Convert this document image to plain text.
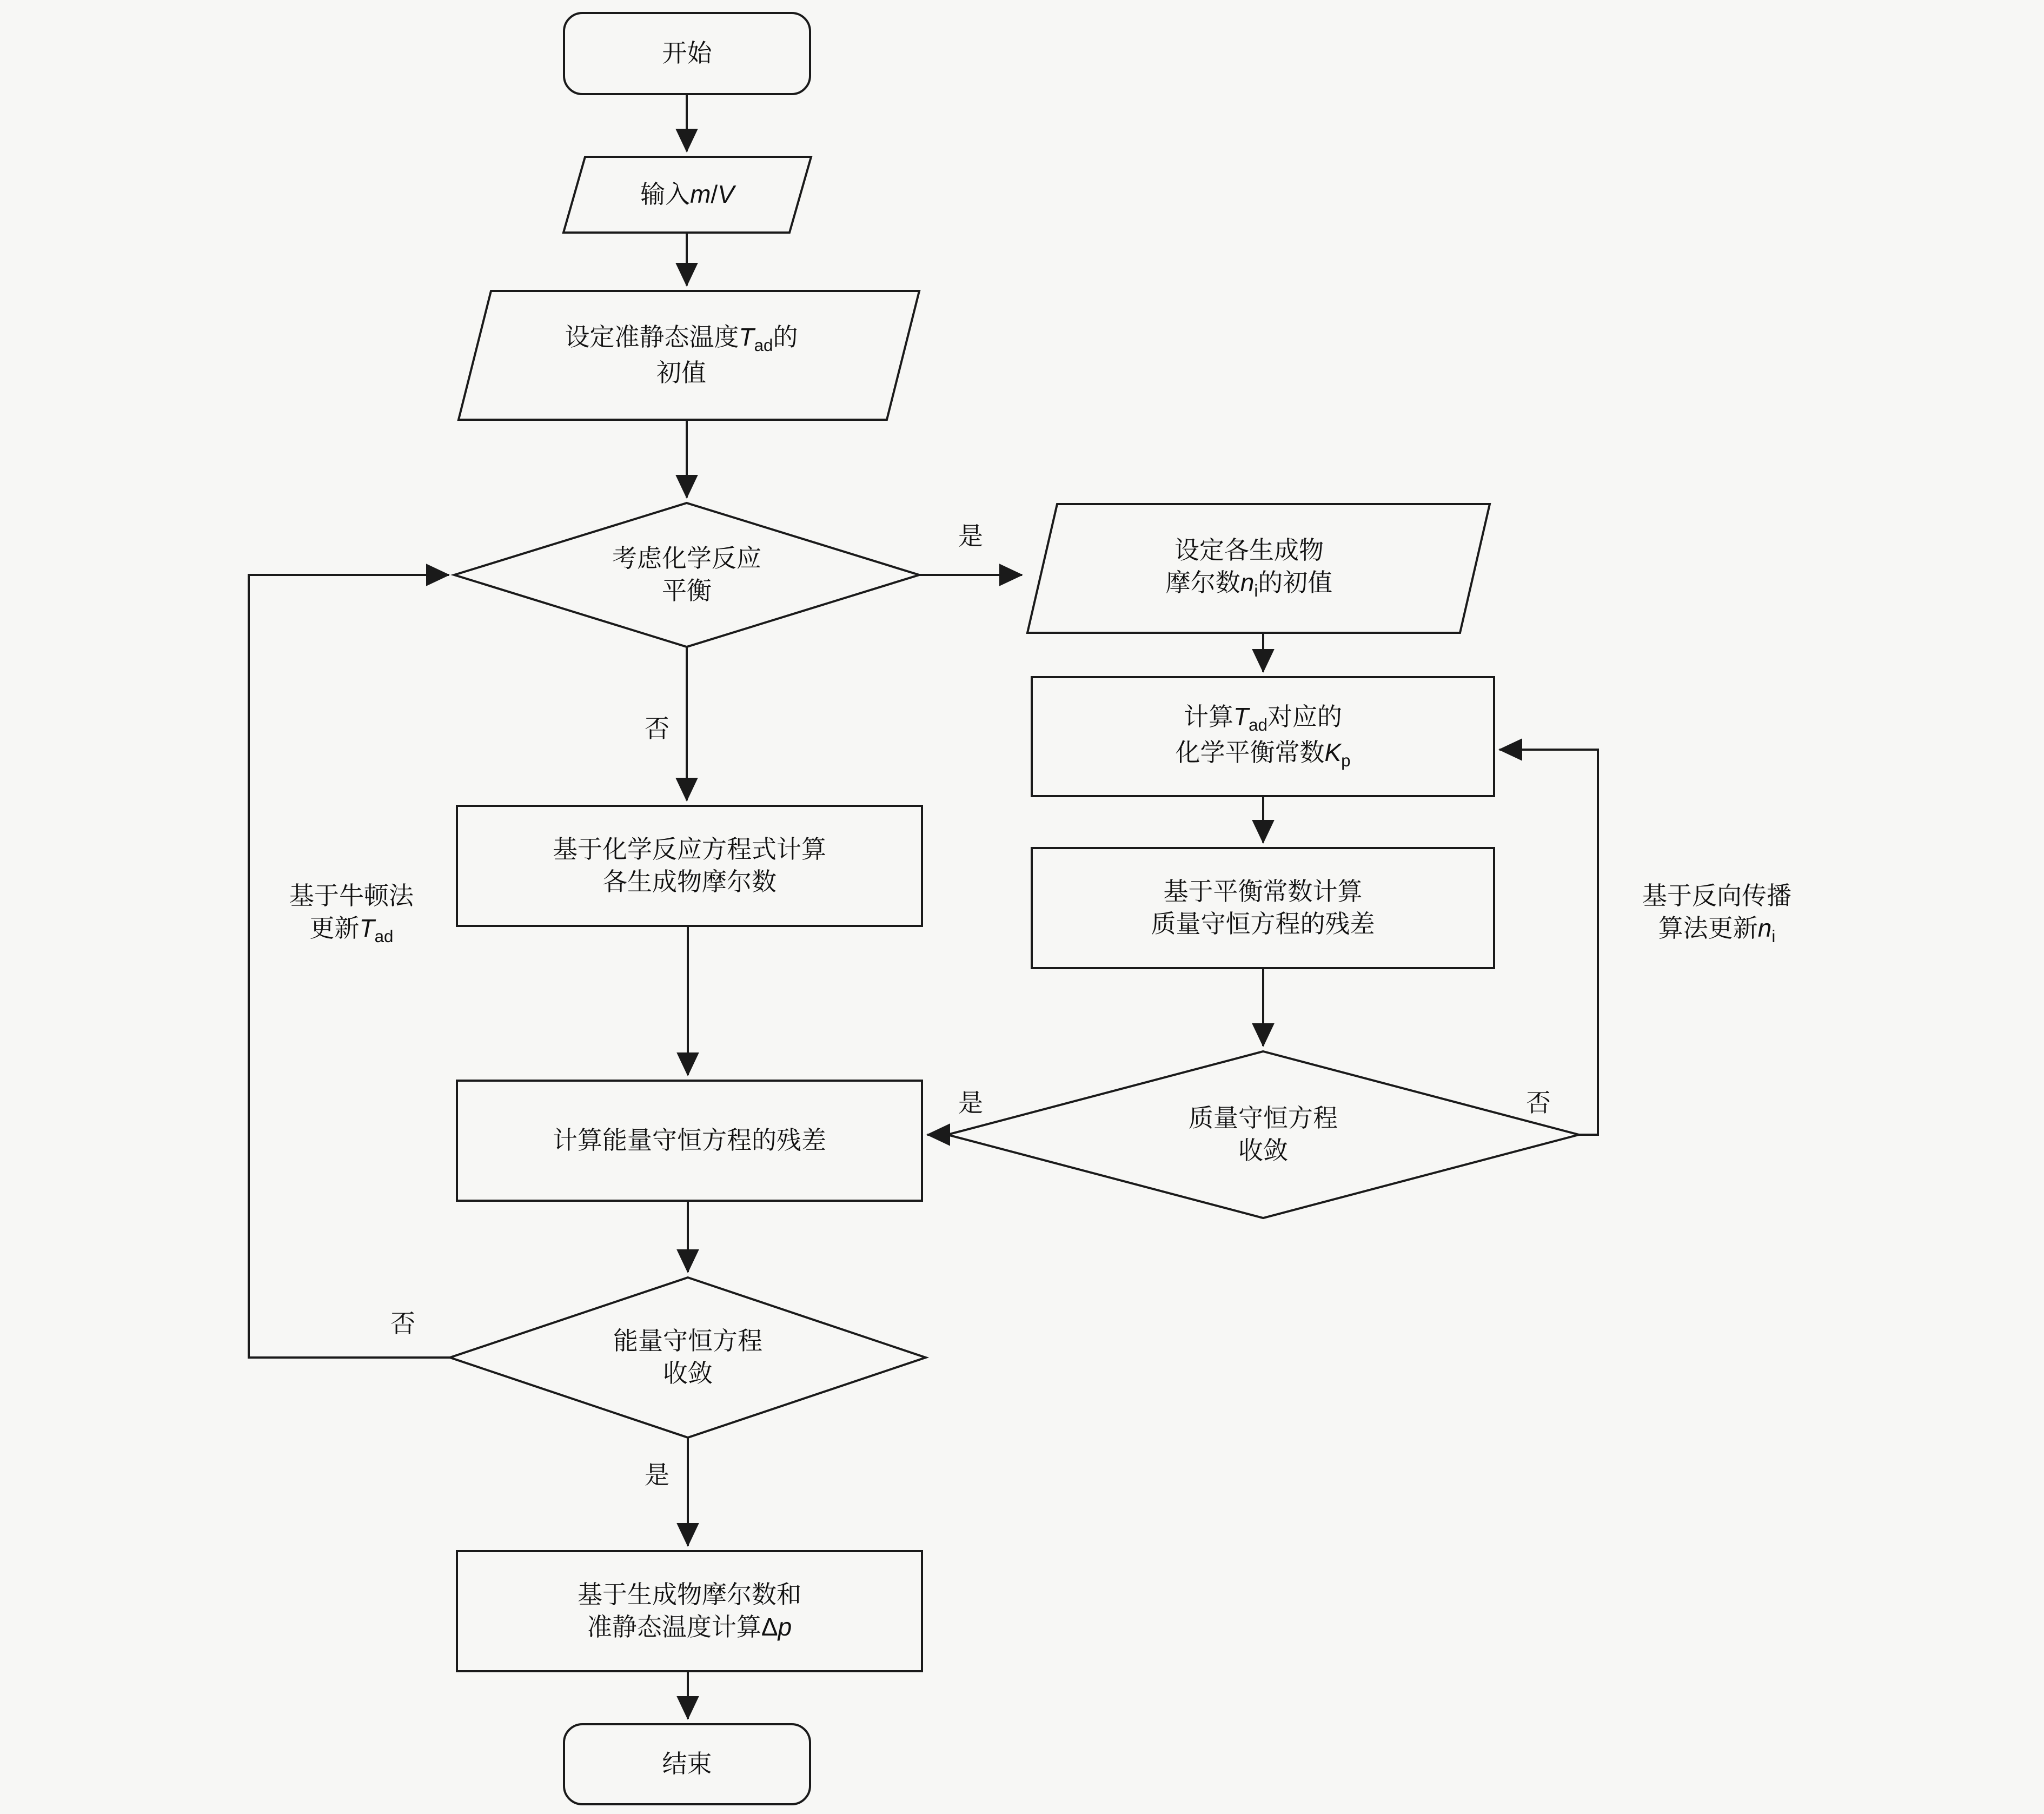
开始
输入 m / V
设定准静态温度$T_{ad}$的
初值
考虑化学反应
平衡
设定各生成物
摩尔数$n_i$的初值
计算$T_{ad}$对应的
化学平衡常数$K_p$
基于平衡常数计算
质量守恒方程的残差
质量守恒方程
收敛
基于化学反应方程式计算
各生成物摩尔数
计算能量守恒方程的残差
能量守恒方程
收敛
基于生成物摩尔数和
准静态温度计算Δp
结束
是
否
是	否
是
否
基于牛顿法
更新$T_{ad}$
基于反向传播
算法更新$n_i$
